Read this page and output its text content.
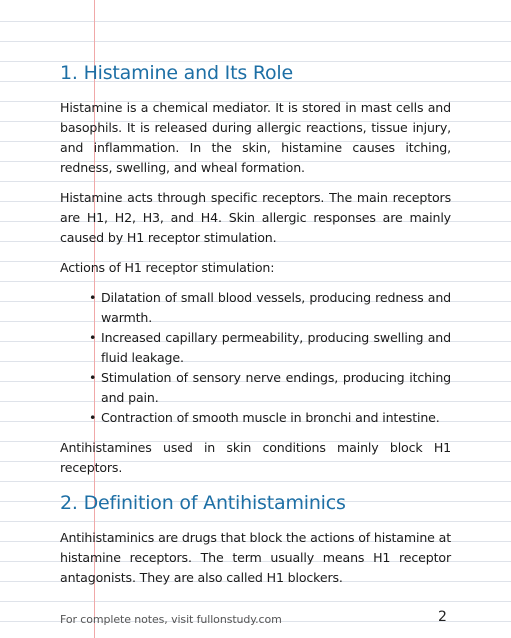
1. Histamine and Its Role

Histamine is a chemical mediator. It is stored in mast cells and basophils. It is released during allergic reactions, tissue injury, and inflammation. In the skin, histamine causes itching, redness, swelling, and wheal formation.

Histamine acts through specific receptors. The main receptors are H1, H2, H3, and H4. Skin allergic responses are mainly caused by H1 receptor stimulation.

Actions of H1 receptor stimulation:

• Dilatation of small blood vessels, producing redness and warmth.
• Increased capillary permeability, producing swelling and fluid leakage.
• Stimulation of sensory nerve endings, producing itching and pain.
• Contraction of smooth muscle in bronchi and intestine.

Antihistamines used in skin conditions mainly block H1 receptors.

2. Definition of Antihistaminics

Antihistaminics are drugs that block the actions of histamine at histamine receptors. The term usually means H1 receptor antagonists. They are also called H1 blockers.

For complete notes, visit fullonstudy.com	2
